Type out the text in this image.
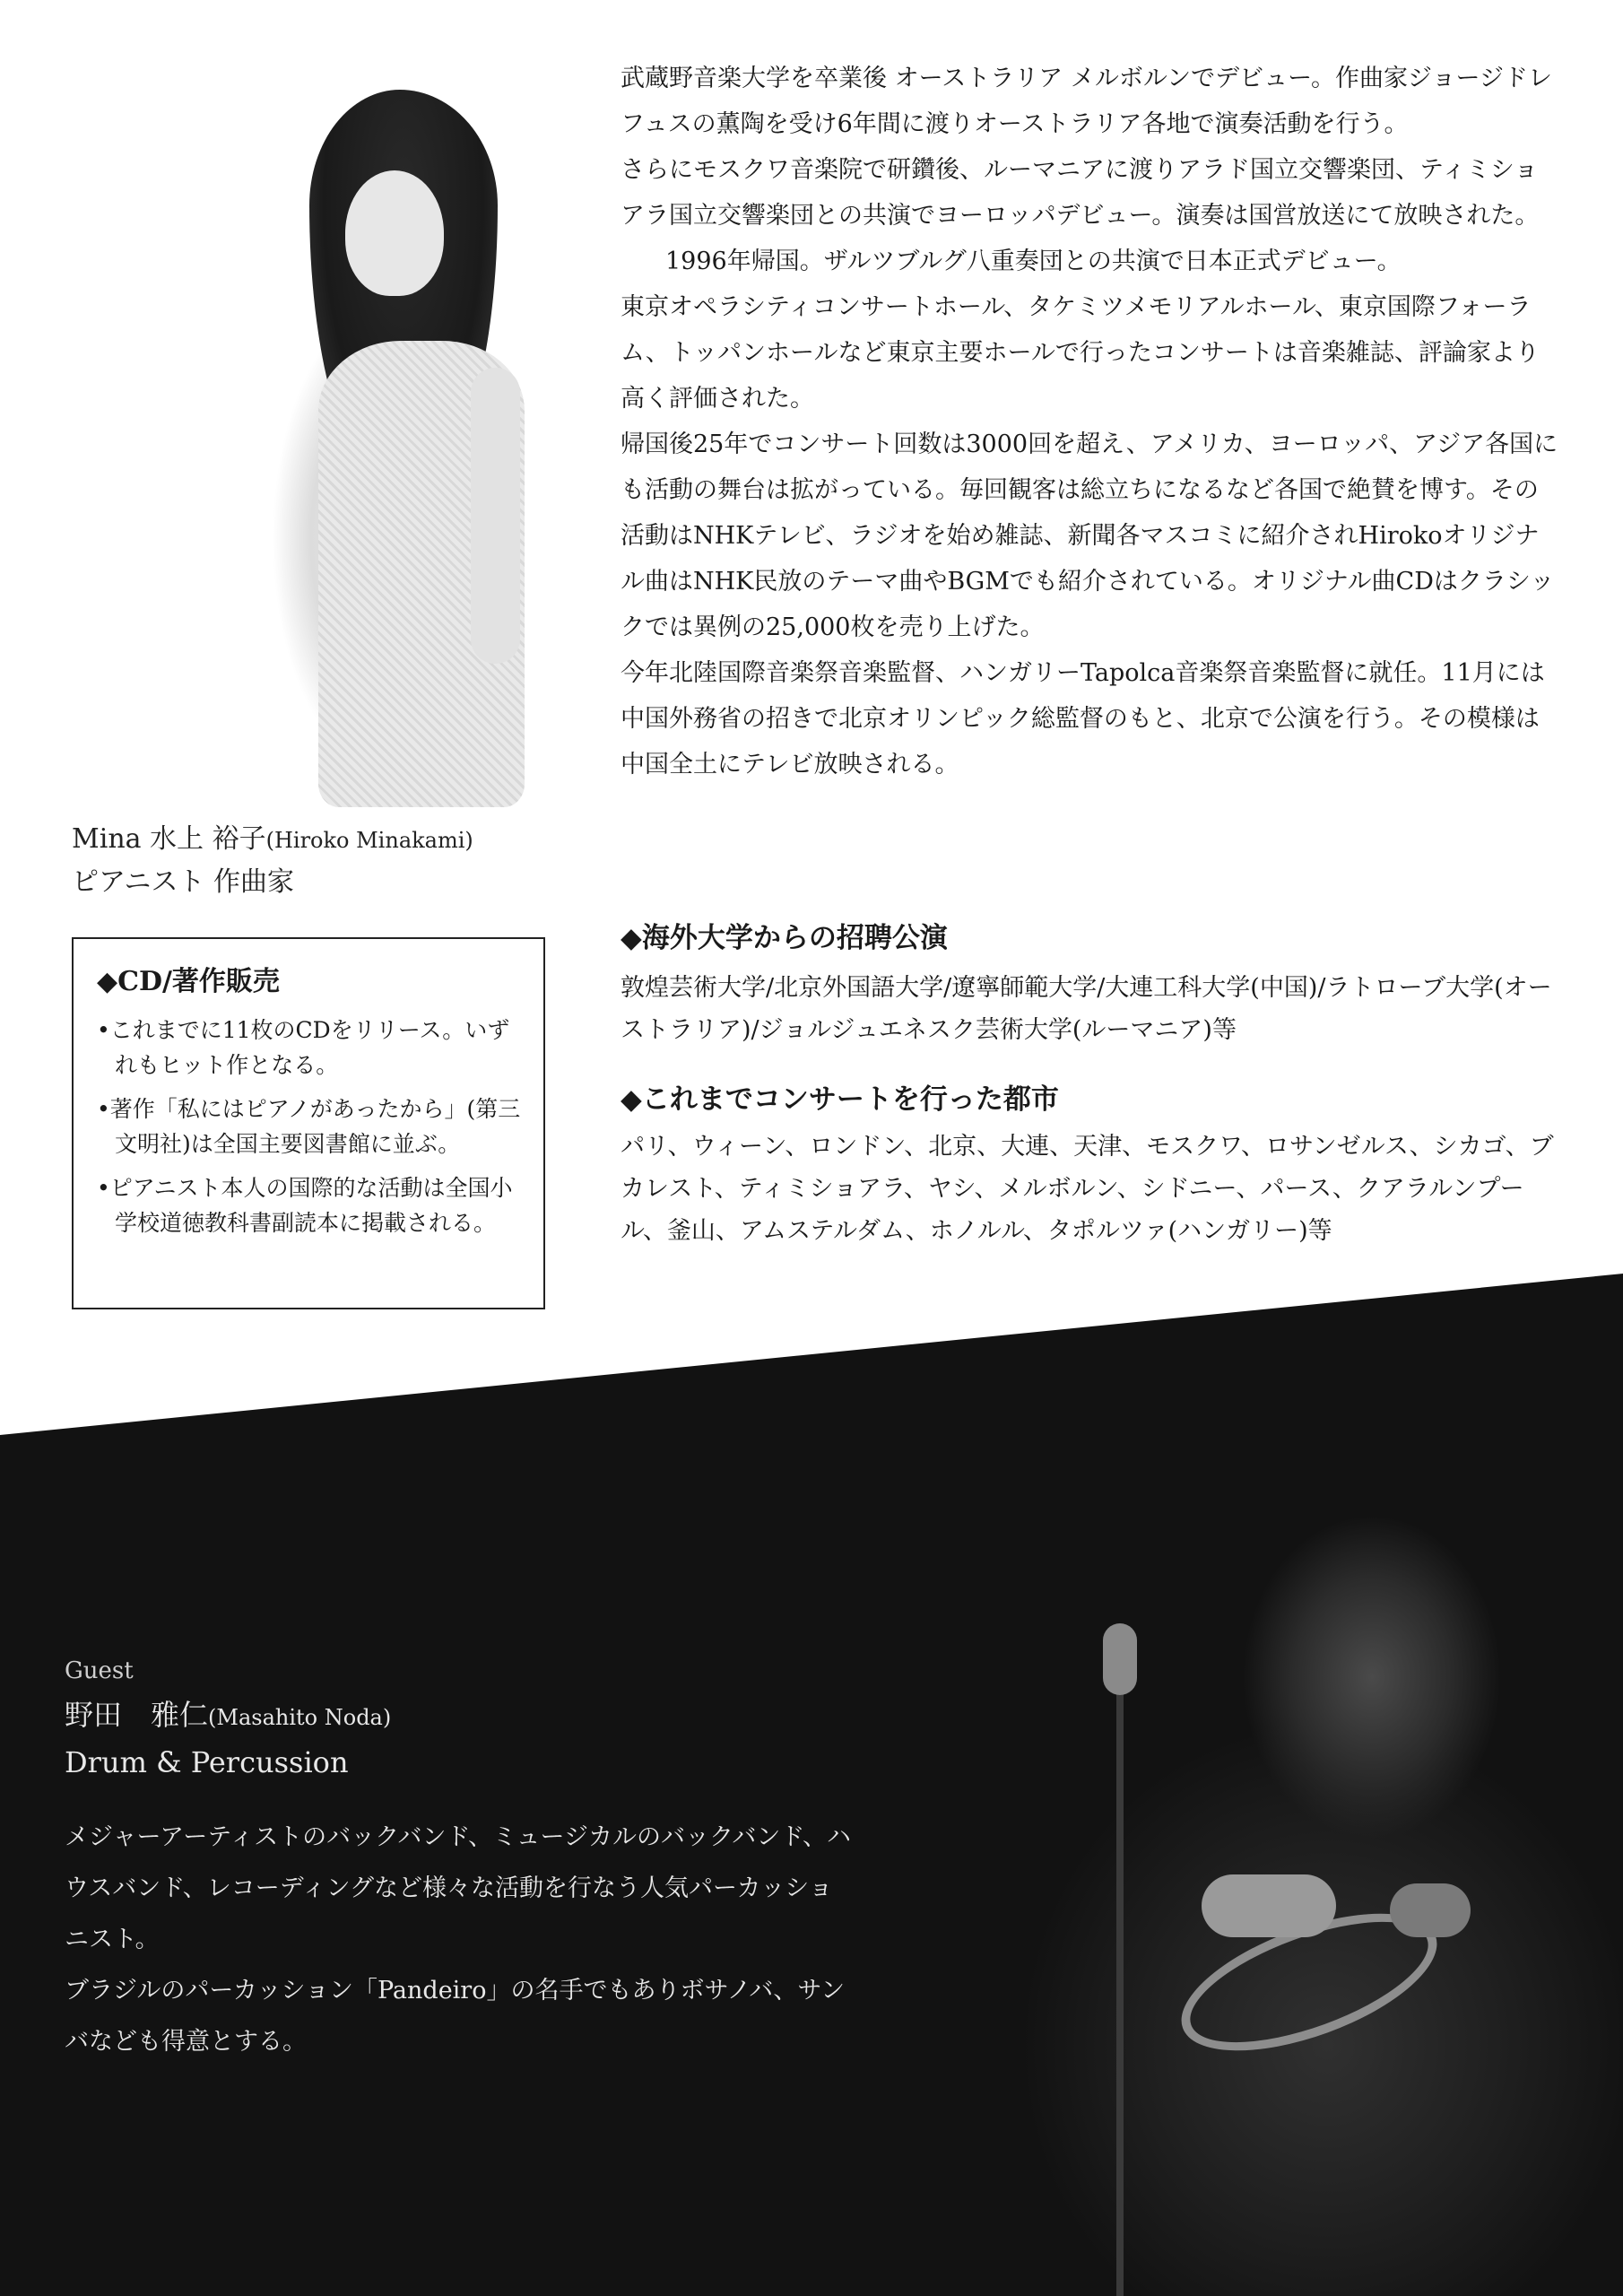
Mina 水上 裕子(Hiroko Minakami)
ピアニスト 作曲家
◆CD/著作販売
•これまでに11枚のCDをリリース。いずれもヒット作となる。
•著作「私にはピアノがあったから」(第三文明社)は全国主要図書館に並ぶ。
•ピアニスト本人の国際的な活動は全国小学校道徳教科書副読本に掲載される。

武蔵野音楽大学を卒業後 オーストラリア メルボルンでデビュー。作曲家ジョージドレフュスの薫陶を受け6年間に渡りオーストラリア各地で演奏活動を行う。

さらにモスクワ音楽院で研鑽後、ルーマニアに渡りアラド国立交響楽団、ティミショアラ国立交響楽団との共演でヨーロッパデビュー。演奏は国営放送にて放映された。

1996年帰国。ザルツブルグ八重奏団との共演で日本正式デビュー。

東京オペラシティコンサートホール、タケミツメモリアルホール、東京国際フォーラム、トッパンホールなど東京主要ホールで行ったコンサートは音楽雑誌、評論家より高く評価された。

帰国後25年でコンサート回数は3000回を超え、アメリカ、ヨーロッパ、アジア各国にも活動の舞台は拡がっている。毎回観客は総立ちになるなど各国で絶賛を博す。その活動はNHKテレビ、ラジオを始め雑誌、新聞各マスコミに紹介されHirokoオリジナル曲はNHK民放のテーマ曲やBGMでも紹介されている。オリジナル曲CDはクラシックでは異例の25,000枚を売り上げた。

今年北陸国際音楽祭音楽監督、ハンガリーTapolca音楽祭音楽監督に就任。11月には中国外務省の招きで北京オリンピック総監督のもと、北京で公演を行う。その模様は中国全土にテレビ放映される。

◆海外大学からの招聘公演

敦煌芸術大学/北京外国語大学/遼寧師範大学/大連工科大学(中国)/ラトローブ大学(オーストラリア)/ジョルジュエネスク芸術大学(ルーマニア)等

◆これまでコンサートを行った都市

パリ、ウィーン、ロンドン、北京、大連、天津、モスクワ、ロサンゼルス、シカゴ、ブカレスト、ティミショアラ、ヤシ、メルボルン、シドニー、パース、クアラルンプール、釜山、アムステルダム、ホノルル、タポルツァ(ハンガリー)等

Guest
野田　雅仁(Masahito Noda)
Drum & Percussion

メジャーアーティストのバックバンド、ミュージカルのバックバンド、ハウスバンド、レコーディングなど様々な活動を行なう人気パーカッショニスト。

ブラジルのパーカッション「Pandeiro」の名手でもありボサノバ、サンバなども得意とする。
